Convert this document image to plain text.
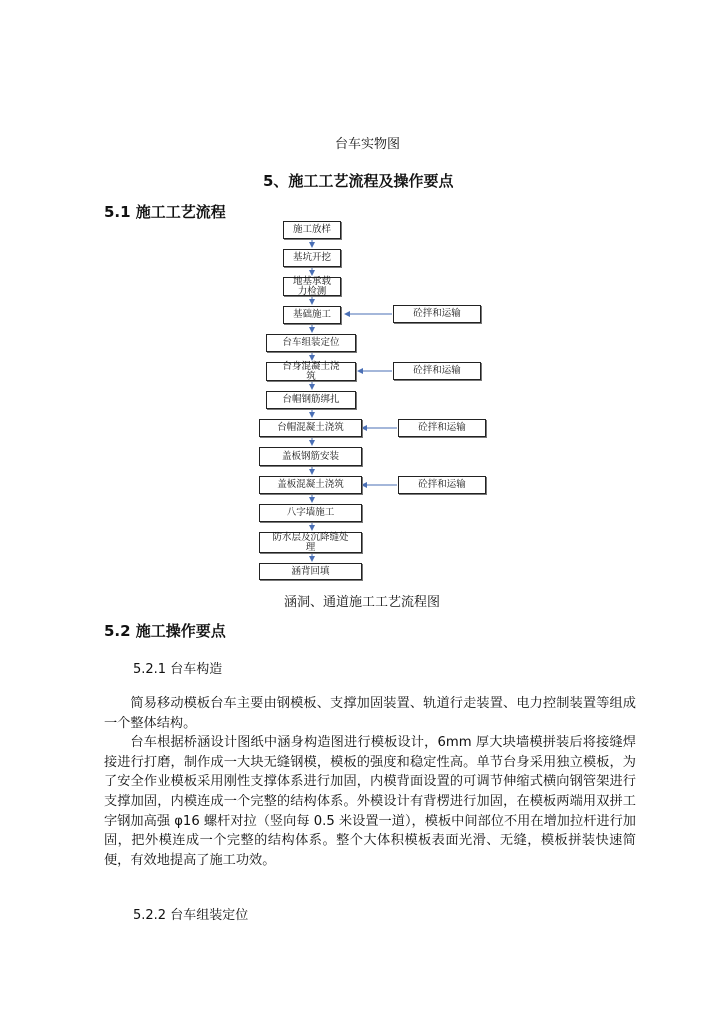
台车实物图
5、施工工艺流程及操作要点
5.1 施工工艺流程
施工放样
基坑开挖
地基承载力检测
基础施工
台车组装定位
台身混凝土浇筑
台帽钢筋绑扎
台帽混凝土浇筑
盖板钢筋安装
盖板混凝土浇筑
八字墙施工
防水层及沉降缝处理
涵背回填
砼拌和运输
砼拌和运输
砼拌和运输
砼拌和运输
涵洞、通道施工工艺流程图
5.2 施工操作要点
5.2.1 台车构造

简易移动模板台车主要由钢模板、支撑加固装置、轨道行走装置、电力控制装置等组成一个整体结构。

台车根据桥涵设计图纸中涵身构造图进行模板设计，6mm 厚大块墙模拼装后将接缝焊接进行打磨，制作成一大块无缝钢模，模板的强度和稳定性高。单节台身采用独立模板，为了安全作业模板采用刚性支撑体系进行加固，内模背面设置的可调节伸缩式横向钢管架进行支撑加固，内模连成一个完整的结构体系。外模设计有背楞进行加固，在模板两端用双拼工字钢加高强 φ16 螺杆对拉（竖向每 0.5 米设置一道），模板中间部位不用在增加拉杆进行加固，把外模连成一个完整的结构体系。整个大体积模板表面光滑、无缝，模板拼装快速简便，有效地提高了施工功效。

5.2.2 台车组装定位
